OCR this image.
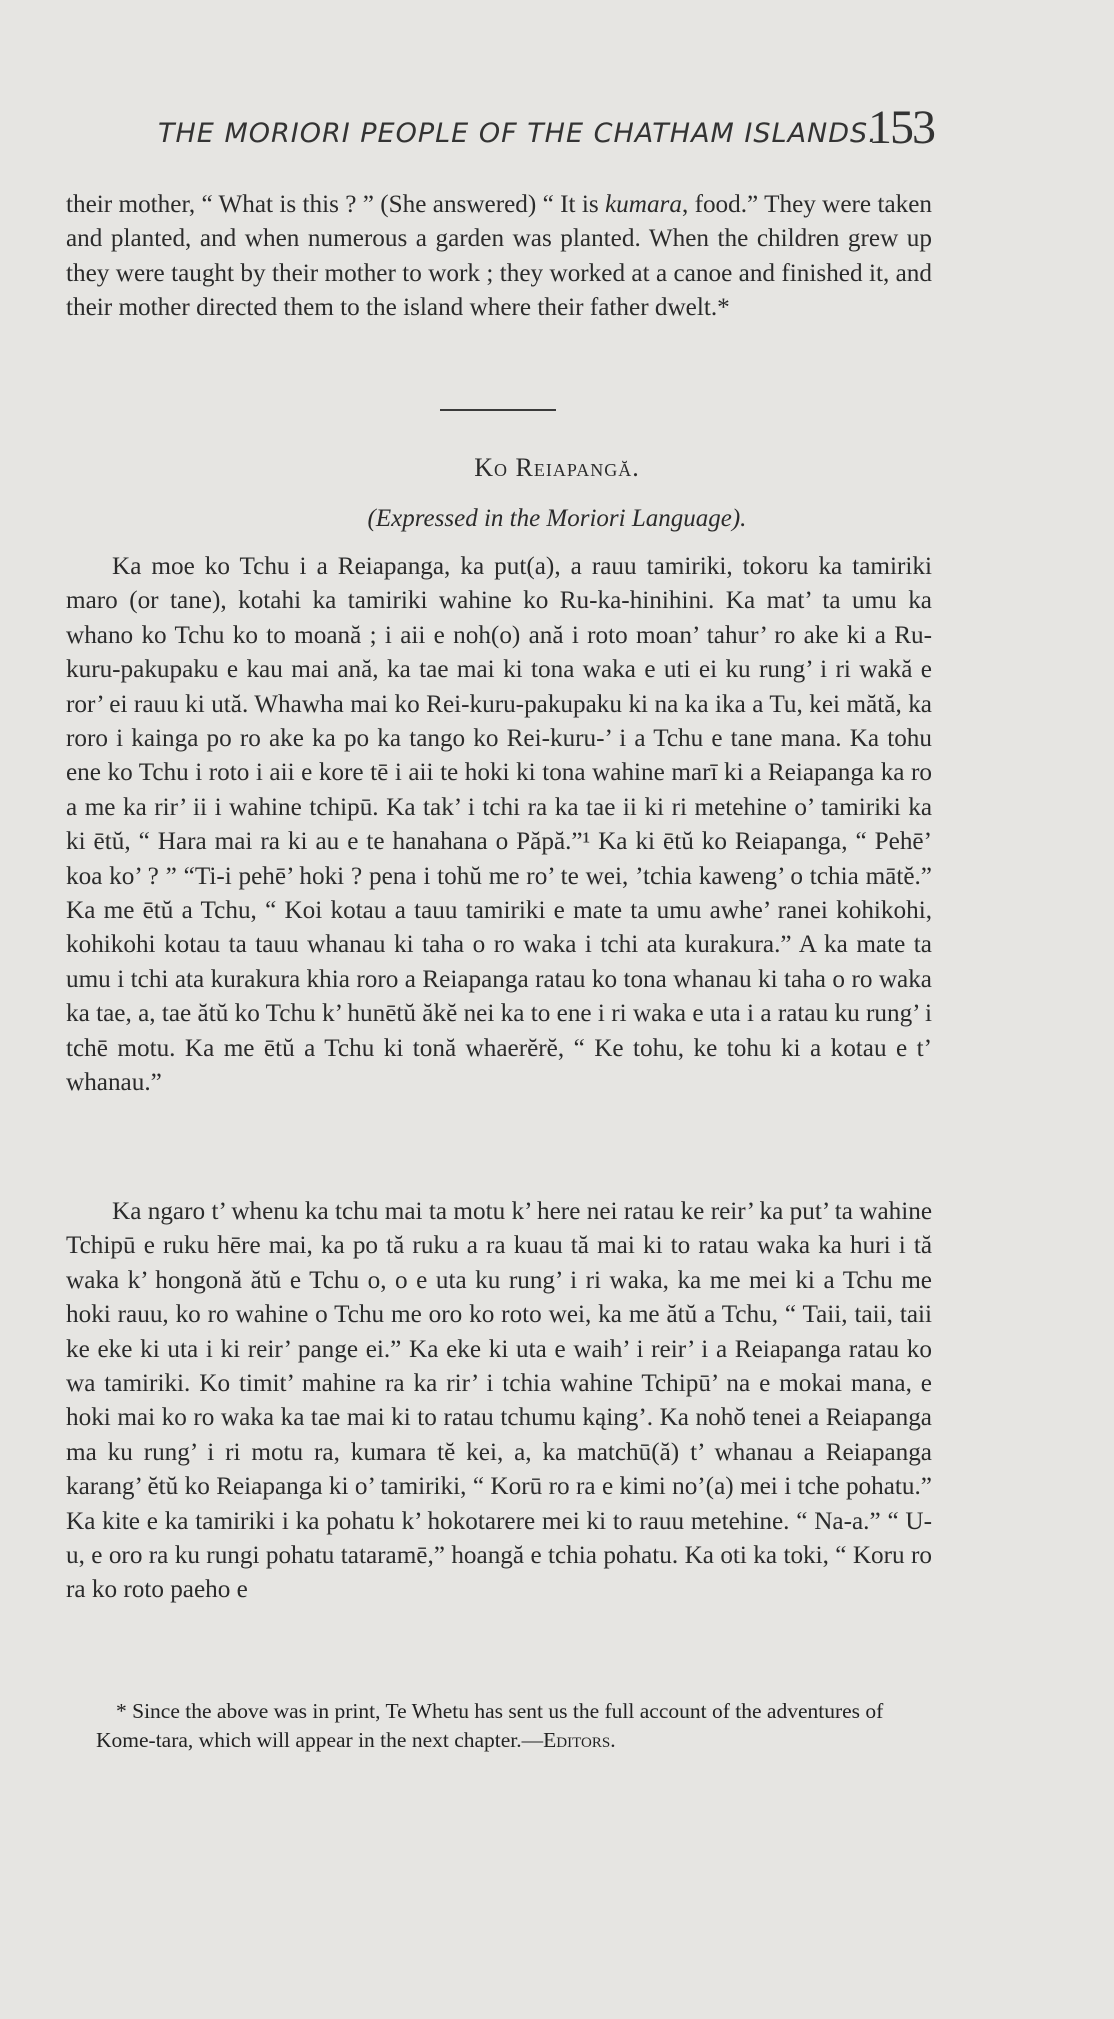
THE MORIORI PEOPLE OF THE CHATHAM ISLANDS.
153

their mother, “ What is this ? ” (She answered) “ It is kumara, food.” They were taken and planted, and when numerous a garden was planted. When the children grew up they were taught by their mother to work ; they worked at a canoe and finished it, and their mother directed them to the island where their father dwelt.*

Ko Reiapangă.
(Expressed in the Moriori Language).

Ka moe ko Tchu i a Reiapanga, ka put(a), a rauu tamiriki, tokoru ka tamiriki maro (or tane), kotahi ka tamiriki wahine ko Ru-ka-hinihini. Ka mat’ ta umu ka whano ko Tchu ko to moană ; i aii e noh(o) ană i roto moan’ tahur’ ro ake ki a Ru-kuru-pakupaku e kau mai ană, ka tae mai ki tona waka e uti ei ku rung’ i ri wakă e ror’ ei rauu ki ută. Whawha mai ko Rei-kuru-pakupaku ki na ka ika a Tu, kei mătă, ka roro i kainga po ro ake ka po ka tango ko Rei-kuru-’ i a Tchu e tane mana. Ka tohu ene ko Tchu i roto i aii e kore tē i aii te hoki ki tona wahine marī ki a Reiapanga ka ro a me ka rir’ ii i wahine tchipū. Ka tak’ i tchi ra ka tae ii ki ri metehine o’ tamiriki ka ki ētŭ, “ Hara mai ra ki au e te hanahana o Păpă.”¹ Ka ki ētŭ ko Reiapanga, “ Pehē’ koa ko’ ? ” “Ti-i pehē’ hoki ? pena i tohŭ me ro’ te wei, ’tchia kaweng’ o tchia mātĕ.” Ka me ētŭ a Tchu, “ Koi kotau a tauu tamiriki e mate ta umu awhe’ ranei kohikohi, kohikohi kotau ta tauu whanau ki taha o ro waka i tchi ata kurakura.” A ka mate ta umu i tchi ata kurakura khia roro a Reiapanga ratau ko tona whanau ki taha o ro waka ka tae, a, tae ătŭ ko Tchu k’ hunētŭ ăkĕ nei ka to ene i ri waka e uta i a ratau ku rung’ i tchē motu. Ka me ētŭ a Tchu ki tonă whaerĕrĕ, “ Ke tohu, ke tohu ki a kotau e t’ whanau.”

Ka ngaro t’ whenu ka tchu mai ta motu k’ here nei ratau ke reir’ ka put’ ta wahine Tchipū e ruku hēre mai, ka po tă ruku a ra kuau tă mai ki to ratau waka ka huri i tă waka k’ hongonă ătŭ e Tchu o, o e uta ku rung’ i ri waka, ka me mei ki a Tchu me hoki rauu, ko ro wahine o Tchu me oro ko roto wei, ka me ătŭ a Tchu, “ Taii, taii, taii ke eke ki uta i ki reir’ pange ei.” Ka eke ki uta e waih’ i reir’ i a Reiapanga ratau ko wa tamiriki. Ko timit’ mahine ra ka rir’ i tchia wahine Tchipū’ na e mokai mana, e hoki mai ko ro waka ka tae mai ki to ratau tchumu kąing’. Ka nohŏ tenei a Reiapanga ma ku rung’ i ri motu ra, kumara tĕ kei, a, ka matchū(ă) t’ whanau a Reiapanga karang’ ĕtŭ ko Reiapanga ki o’ tamiriki, “ Korū ro ra e kimi no’(a) mei i tche pohatu.” Ka kite e ka tamiriki i ka pohatu k’ hokotarere mei ki to rauu metehine. “ Na-a.” “ U-u, e oro ra ku rungi pohatu tataramē,” hoangă e tchia pohatu. Ka oti ka toki, “ Koru ro ra ko roto paeho e

* Since the above was in print, Te Whetu has sent us the full account of the adventures of Kome-tara, which will appear in the next chapter.—Editors.
